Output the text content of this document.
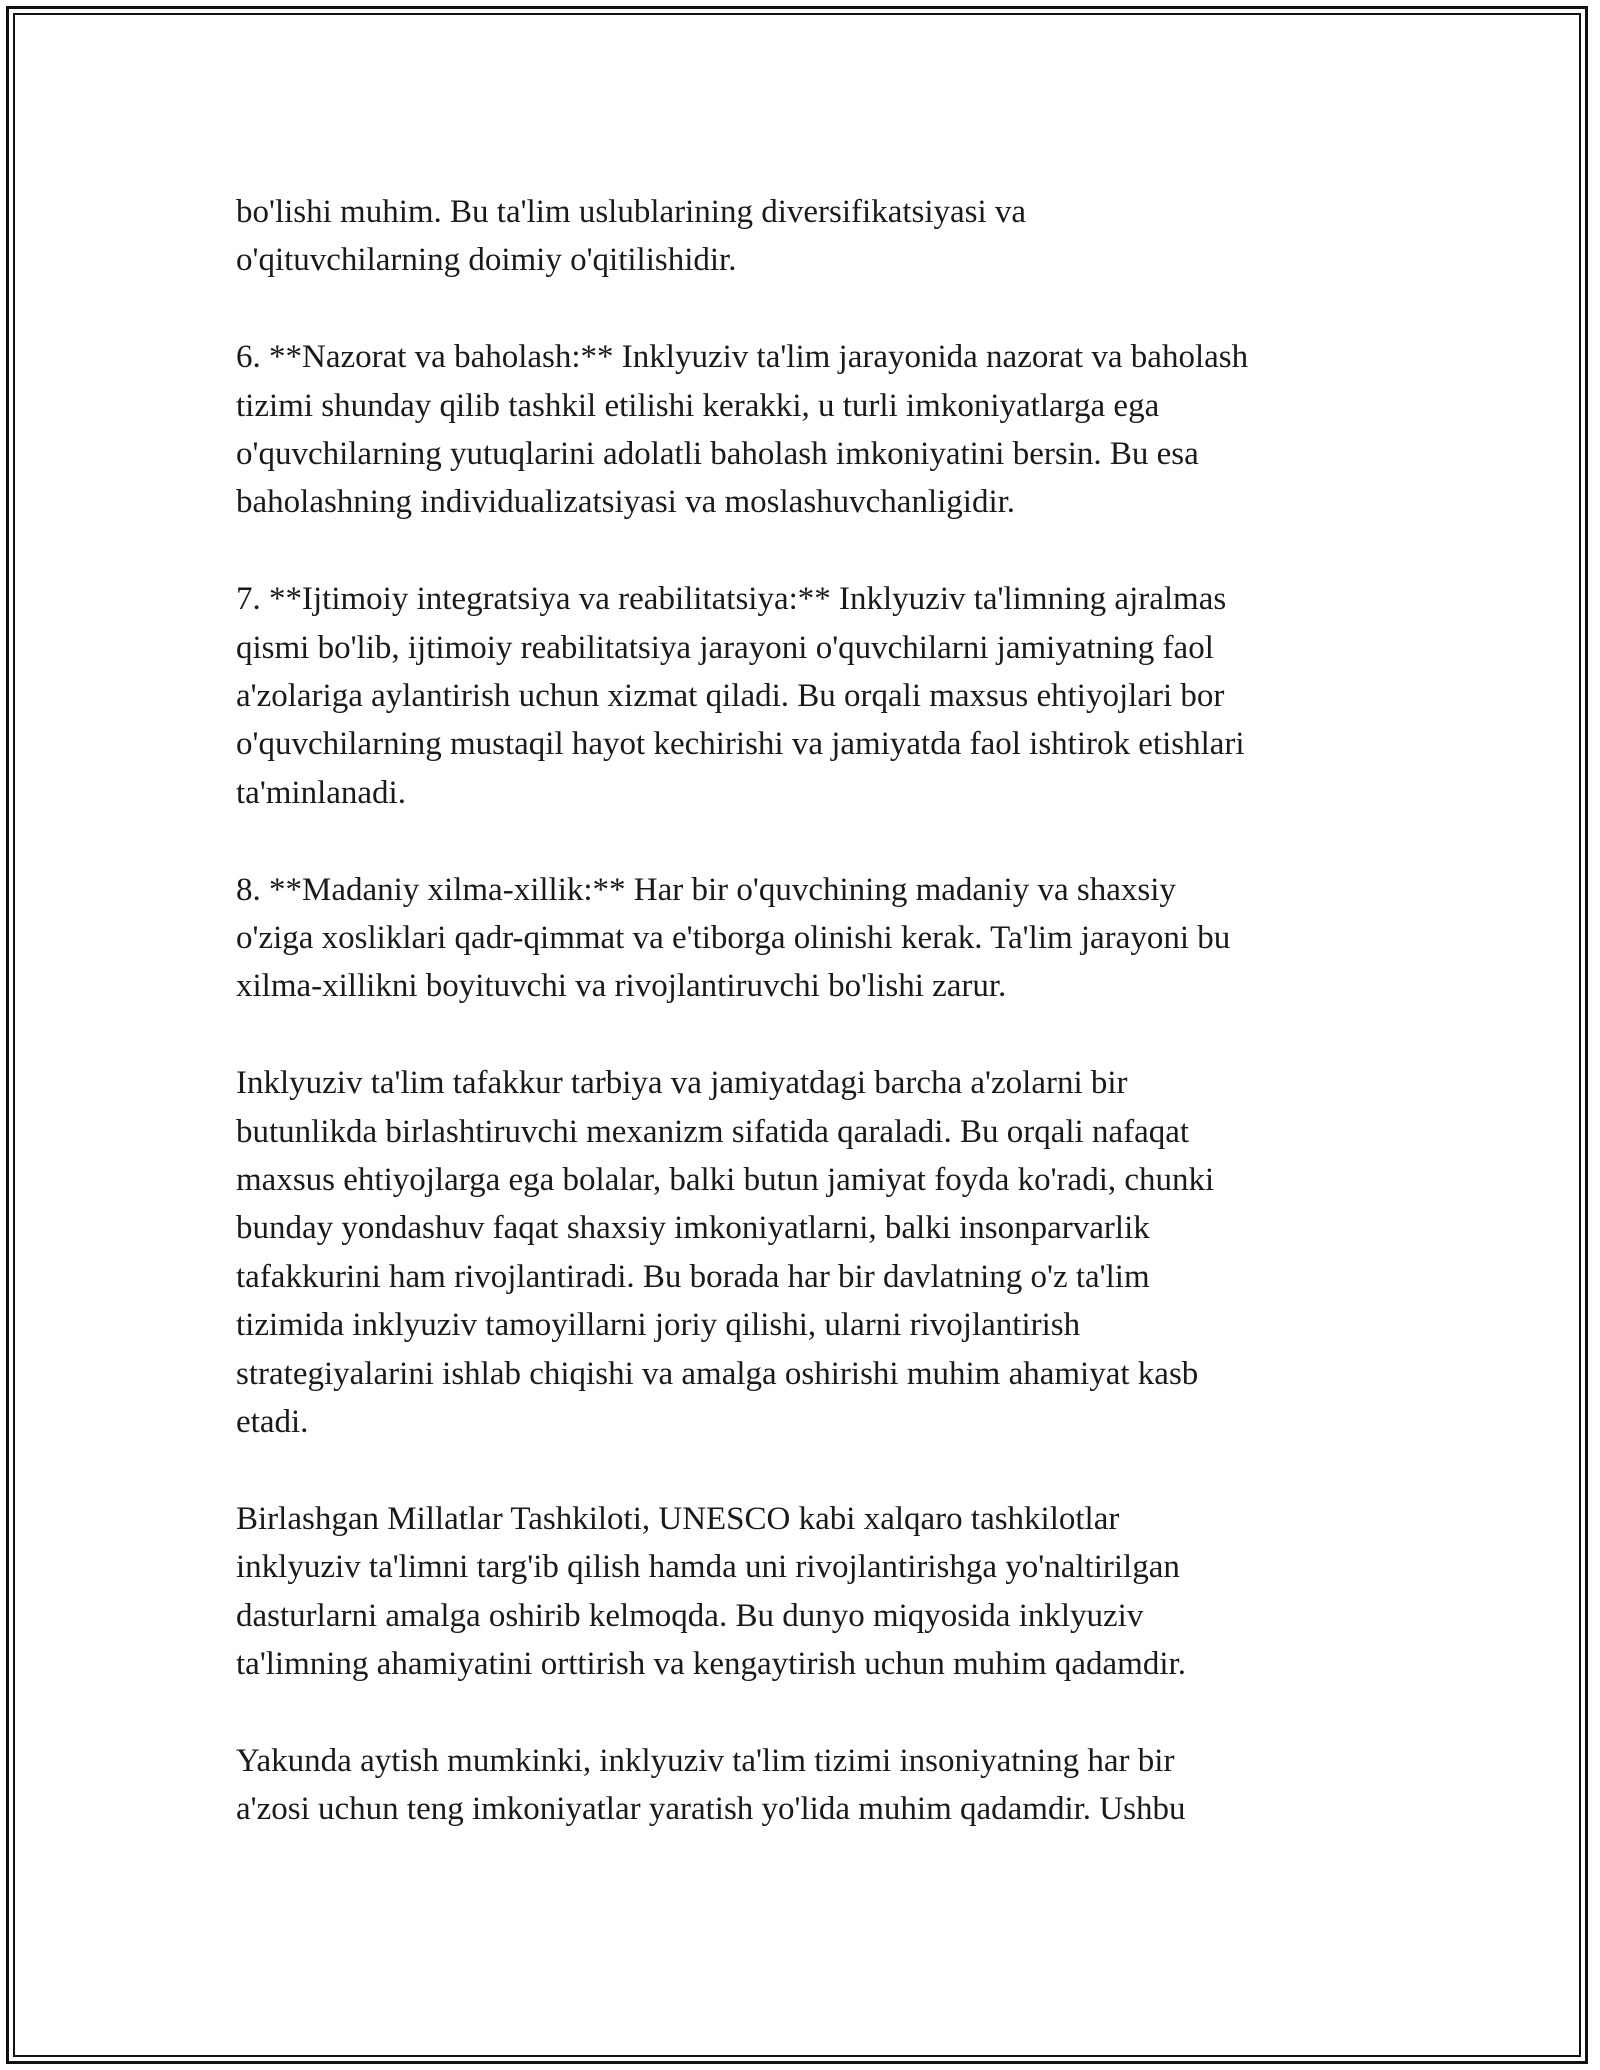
bo'lishi muhim. Bu ta'lim uslublarining diversifikatsiyasi va
o'qituvchilarning doimiy o'qitilishidir.

6. **Nazorat va baholash:** Inklyuziv ta'lim jarayonida nazorat va baholash
tizimi shunday qilib tashkil etilishi kerakki, u turli imkoniyatlarga ega
o'quvchilarning yutuqlarini adolatli baholash imkoniyatini bersin. Bu esa
baholashning individualizatsiyasi va moslashuvchanligidir.

7. **Ijtimoiy integratsiya va reabilitatsiya:** Inklyuziv ta'limning ajralmas
qismi bo'lib, ijtimoiy reabilitatsiya jarayoni o'quvchilarni jamiyatning faol
a'zolariga aylantirish uchun xizmat qiladi. Bu orqali maxsus ehtiyojlari bor
o'quvchilarning mustaqil hayot kechirishi va jamiyatda faol ishtirok etishlari
ta'minlanadi.

8. **Madaniy xilma-xillik:** Har bir o'quvchining madaniy va shaxsiy
o'ziga xosliklari qadr-qimmat va e'tiborga olinishi kerak. Ta'lim jarayoni bu
xilma-xillikni boyituvchi va rivojlantiruvchi bo'lishi zarur.

Inklyuziv ta'lim tafakkur tarbiya va jamiyatdagi barcha a'zolarni bir
butunlikda birlashtiruvchi mexanizm sifatida qaraladi. Bu orqali nafaqat
maxsus ehtiyojlarga ega bolalar, balki butun jamiyat foyda ko'radi, chunki
bunday yondashuv faqat shaxsiy imkoniyatlarni, balki insonparvarlik
tafakkurini ham rivojlantiradi. Bu borada har bir davlatning o'z ta'lim
tizimida inklyuziv tamoyillarni joriy qilishi, ularni rivojlantirish
strategiyalarini ishlab chiqishi va amalga oshirishi muhim ahamiyat kasb
etadi.

Birlashgan Millatlar Tashkiloti, UNESCO kabi xalqaro tashkilotlar
inklyuziv ta'limni targ'ib qilish hamda uni rivojlantirishga yo'naltirilgan
dasturlarni amalga oshirib kelmoqda. Bu dunyo miqyosida inklyuziv
ta'limning ahamiyatini orttirish va kengaytirish uchun muhim qadamdir.

Yakunda aytish mumkinki, inklyuziv ta'lim tizimi insoniyatning har bir
a'zosi uchun teng imkoniyatlar yaratish yo'lida muhim qadamdir. Ushbu
